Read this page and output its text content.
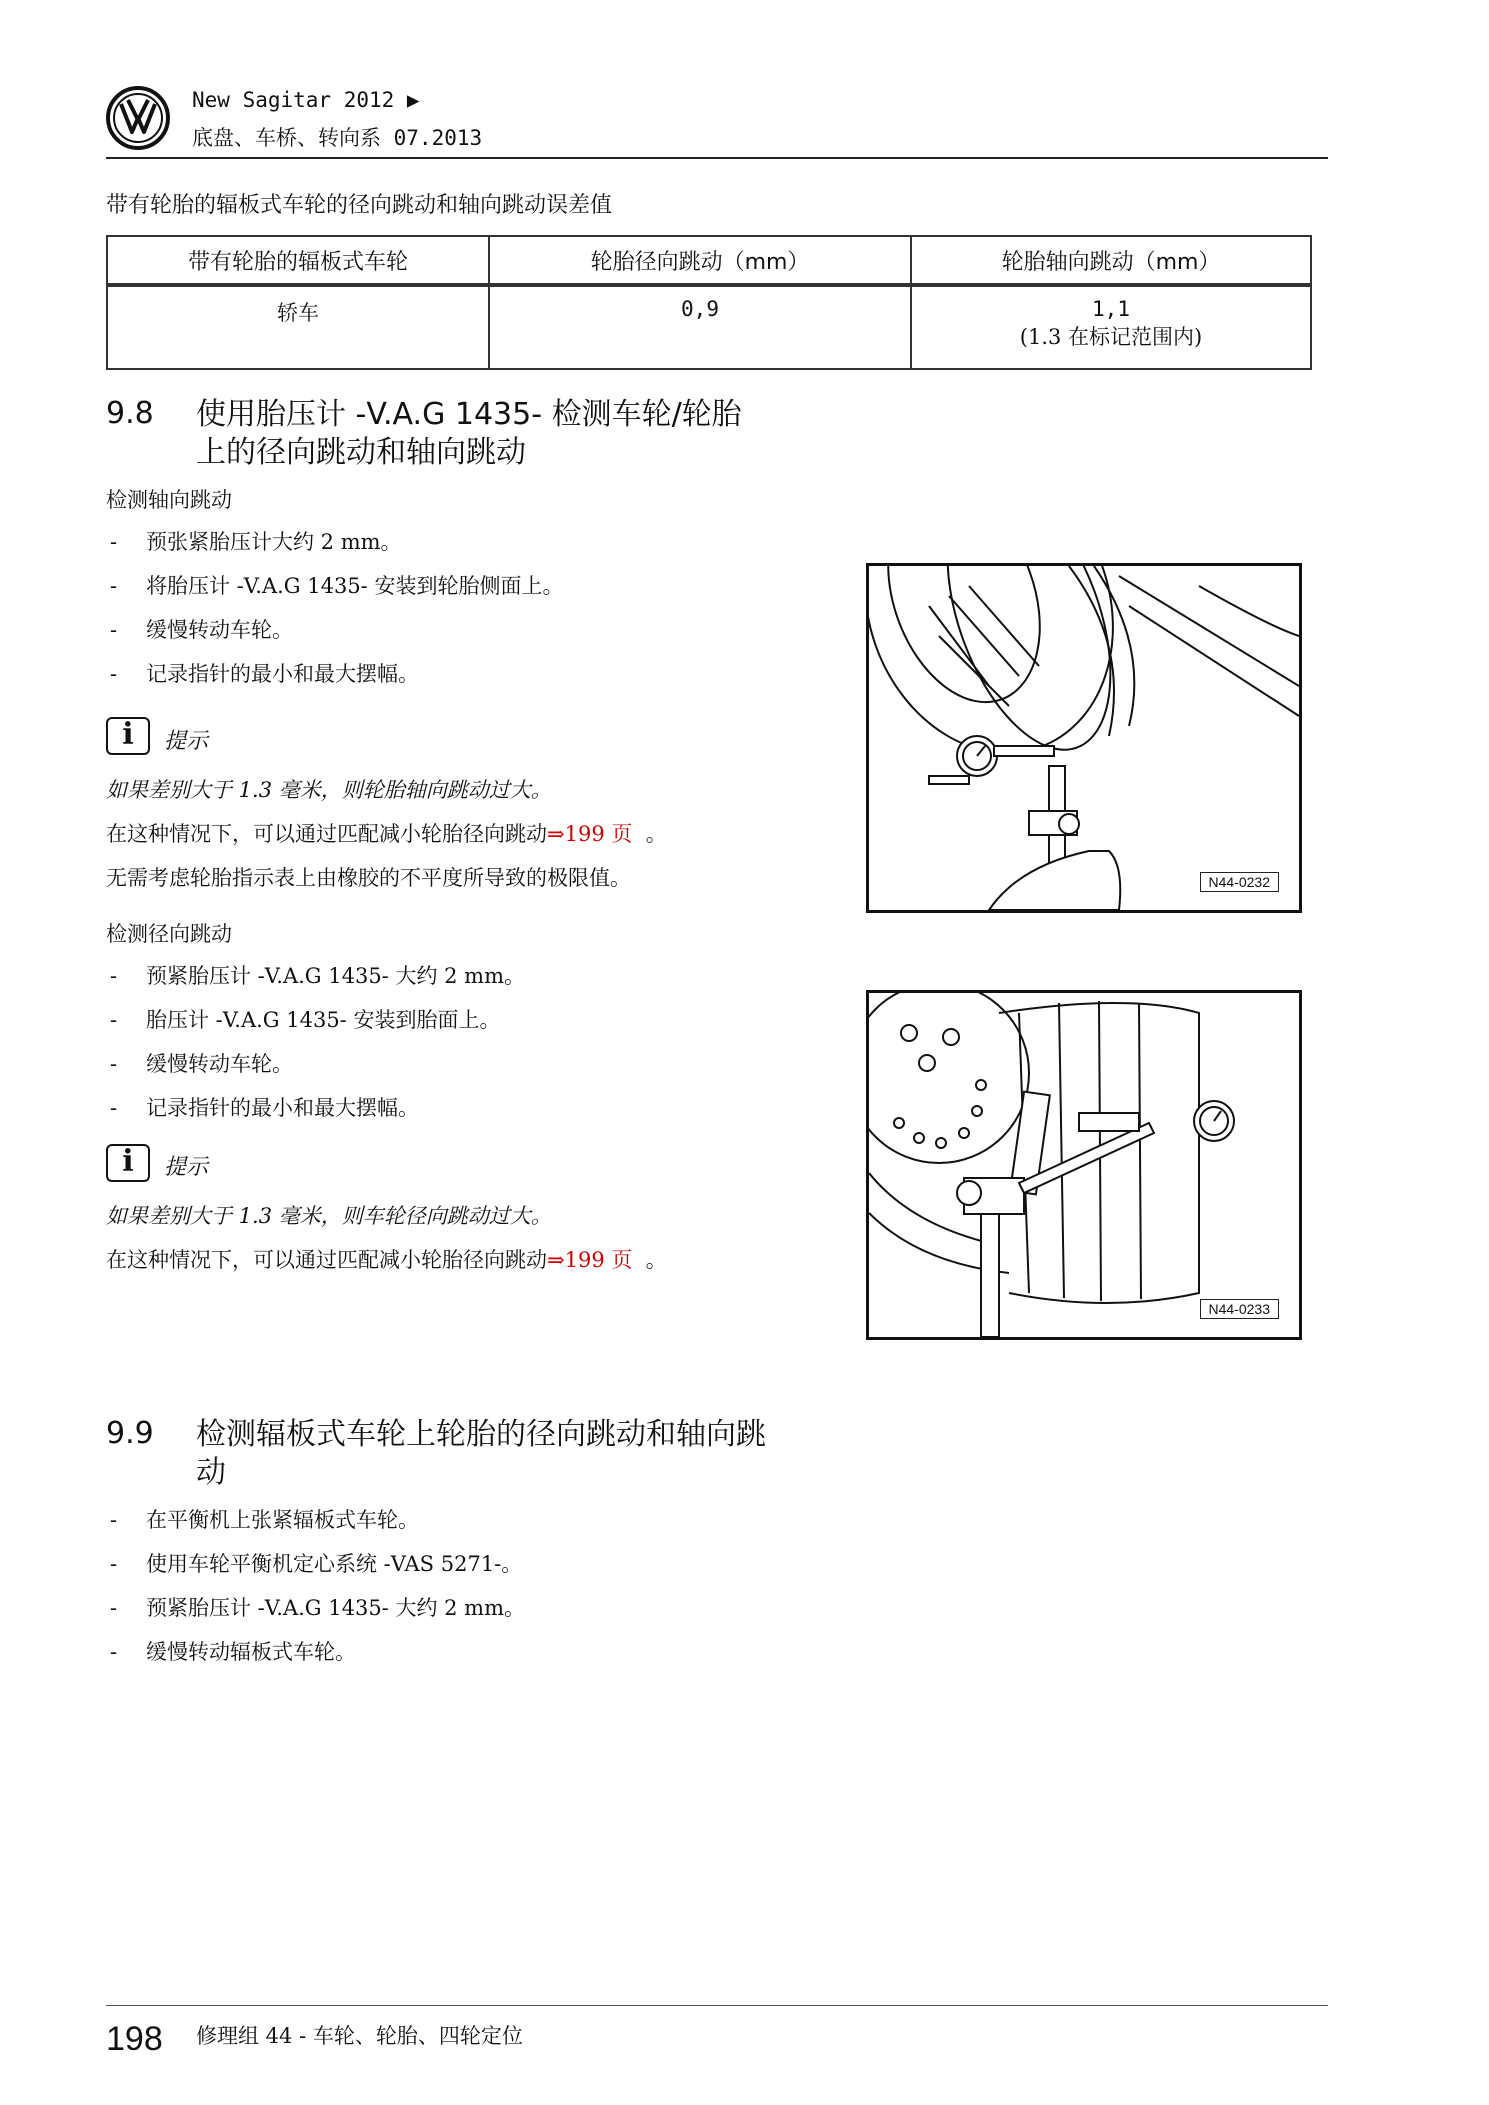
New Sagitar 2012 ▶
底盘、车桥、转向系 07.2013
带有轮胎的辐板式车轮的径向跳动和轴向跳动误差值
带有轮胎的辐板式车轮	轮胎径向跳动（mm）	轮胎轴向跳动（mm）
轿车	0,9	1,1
(1.3 在标记范围内)
9.8 使用胎压计 -V.A.G 1435- 检测车轮/轮胎
上的径向跳动和轴向跳动
检测轴向跳动
- 预张紧胎压计大约 2 mm。
- 将胎压计 -V.A.G 1435- 安装到轮胎侧面上。
- 缓慢转动车轮。
- 记录指针的最小和最大摆幅。
i	提示
如果差别大于 1.3 毫米，则轮胎轴向跳动过大。
在这种情况下，可以通过匹配减小轮胎径向跳动⇒199 页 。
无需考虑轮胎指示表上由橡胶的不平度所导致的极限值。
检测径向跳动
- 预紧胎压计 -V.A.G 1435- 大约 2 mm。
- 胎压计 -V.A.G 1435- 安装到胎面上。
- 缓慢转动车轮。
- 记录指针的最小和最大摆幅。
i	提示
如果差别大于 1.3 毫米，则车轮径向跳动过大。
在这种情况下，可以通过匹配减小轮胎径向跳动⇒199 页 。
N44-0232
N44-0233
9.9 检测辐板式车轮上轮胎的径向跳动和轴向跳
动
- 在平衡机上张紧辐板式车轮。
- 使用车轮平衡机定心系统 -VAS 5271-。
- 预紧胎压计 -V.A.G 1435- 大约 2 mm。
- 缓慢转动辐板式车轮。
198 修理组 44 - 车轮、轮胎、四轮定位
